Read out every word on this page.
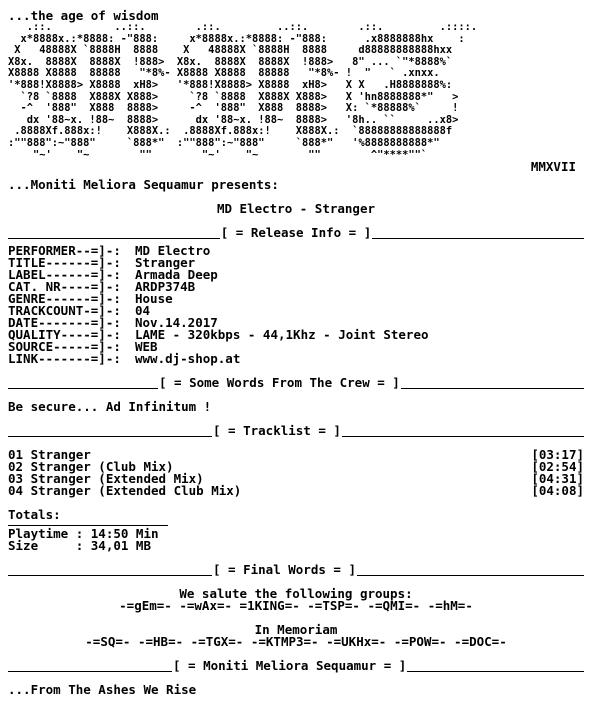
...the age of wisdom
.::.          ..::.        .::.         ..::.        .::.         .::::.
x*8888x.:*8888: -"888:     x*8888x.:*8888: -"888:      .x8888888hx    :
X   48888X `8888H  8888    X   48888X `8888H  8888     d88888888888hxx
X8x.  8888X  8888X  !888>  X8x.  8888X  8888X  !888>   8" ... `"*8888%`
X8888 X8888  88888   "*8%- X8888 X8888  88888   "*8%- !  "   ` .xnxx.
'*888!X8888> X8888  xH8>   '*888!X8888> X8888  xH8>   X X   .H8888888%:
`?8 `8888  X888X X888>     `?8 `8888  X888X X888>   X 'hn8888888*"   >
-^  '888"  X888  8888>     -^  '888"  X888  8888>   X: `*88888%`     !
dx '88~x. !88~  8888>      dx '88~x. !88~  8888>   '8h.. ``     ..x8>
.8888Xf.888x:!    X888X.:  .8888Xf.888x:!    X888X.:  `88888888888888f
:""888":~"888"     `888*"  :""888":~"888"     `888*"   '%8888888888*"
"~'    "~        ""        "~'    "~        ""        ^"****""`
MMXVII
...Moniti Meliora Sequamur presents:
MD Electro - Stranger
[ = Release Info = ]
PERFORMER--=]-:	MD Electro
TITLE------=]-:	Stranger
LABEL------=]-:	Armada Deep
CAT. NR----=]-:	ARDP374B
GENRE------=]-:	House
TRACKCOUNT-=]-:	04
DATE-------=]-:	Nov.14.2017
QUALITY----=]-:	LAME - 320kbps - 44,1Khz - Joint Stereo
SOURCE-----=]-:	WEB
LINK-------=]-:	www.dj-shop.at
[ = Some Words From The Crew = ]
Be secure... Ad Infinitum !
[ = Tracklist = ]
01 Stranger	[03:17]
02 Stranger (Club Mix)	[02:54]
03 Stranger (Extended Mix)	[04:31]
04 Stranger (Extended Club Mix)	[04:08]
Totals:
Playtime : 14:50 Min
Size     : 34,01 MB
[ = Final Words = ]
We salute the following groups:
-=gEm=- -=wAx=- =1KING=- -=TSP=- -=QMI=- -=hM=-
In Memoriam
-=SQ=- -=HB=- -=TGX=- -=KTMP3=- -=UKHx=- -=POW=- -=DOC=-
[ = Moniti Meliora Sequamur = ]
...From The Ashes We Rise
